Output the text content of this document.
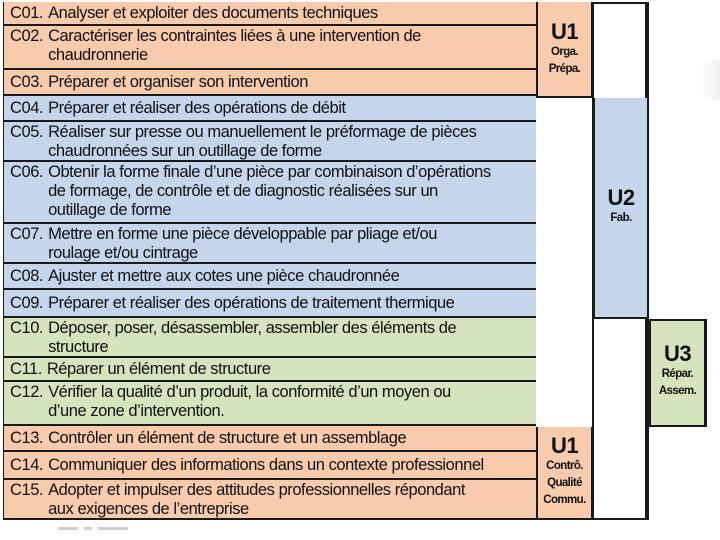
C01. Analyser et exploiter des documents techniques
C02. Caractériser les contraintes liées à une intervention de
chaudronnerie
C03. Préparer et organiser son intervention
C04. Préparer et réaliser des opérations de débit
C05. Réaliser sur presse ou manuellement le préformage de pièces
chaudronnées sur un outillage de forme
C06. Obtenir la forme finale d’une pièce par combinaison d’opérations
de formage, de contrôle et de diagnostic réalisées sur un
outillage de forme
C07. Mettre en forme une pièce développable par pliage et/ou
roulage et/ou cintrage
C08. Ajuster et mettre aux cotes une pièce chaudronnée
C09. Préparer et réaliser des opérations de traitement thermique
C10. Déposer, poser, désassembler, assembler des éléments de
structure
C11. Réparer un élément de structure
C12. Vérifier la qualité d’un produit, la conformité d’un moyen ou
d’une zone d’intervention.
C13. Contrôler un élément de structure et un assemblage
C14. Communiquer des informations dans un contexte professionnel
C15. Adopter et impulser des attitudes professionnelles répondant
aux exigences de l’entreprise
U1
Orga.
Prépa.
U2
Fab.
U3
Répar.
Assem.
U1
Contrô.
Qualité
Commu.
